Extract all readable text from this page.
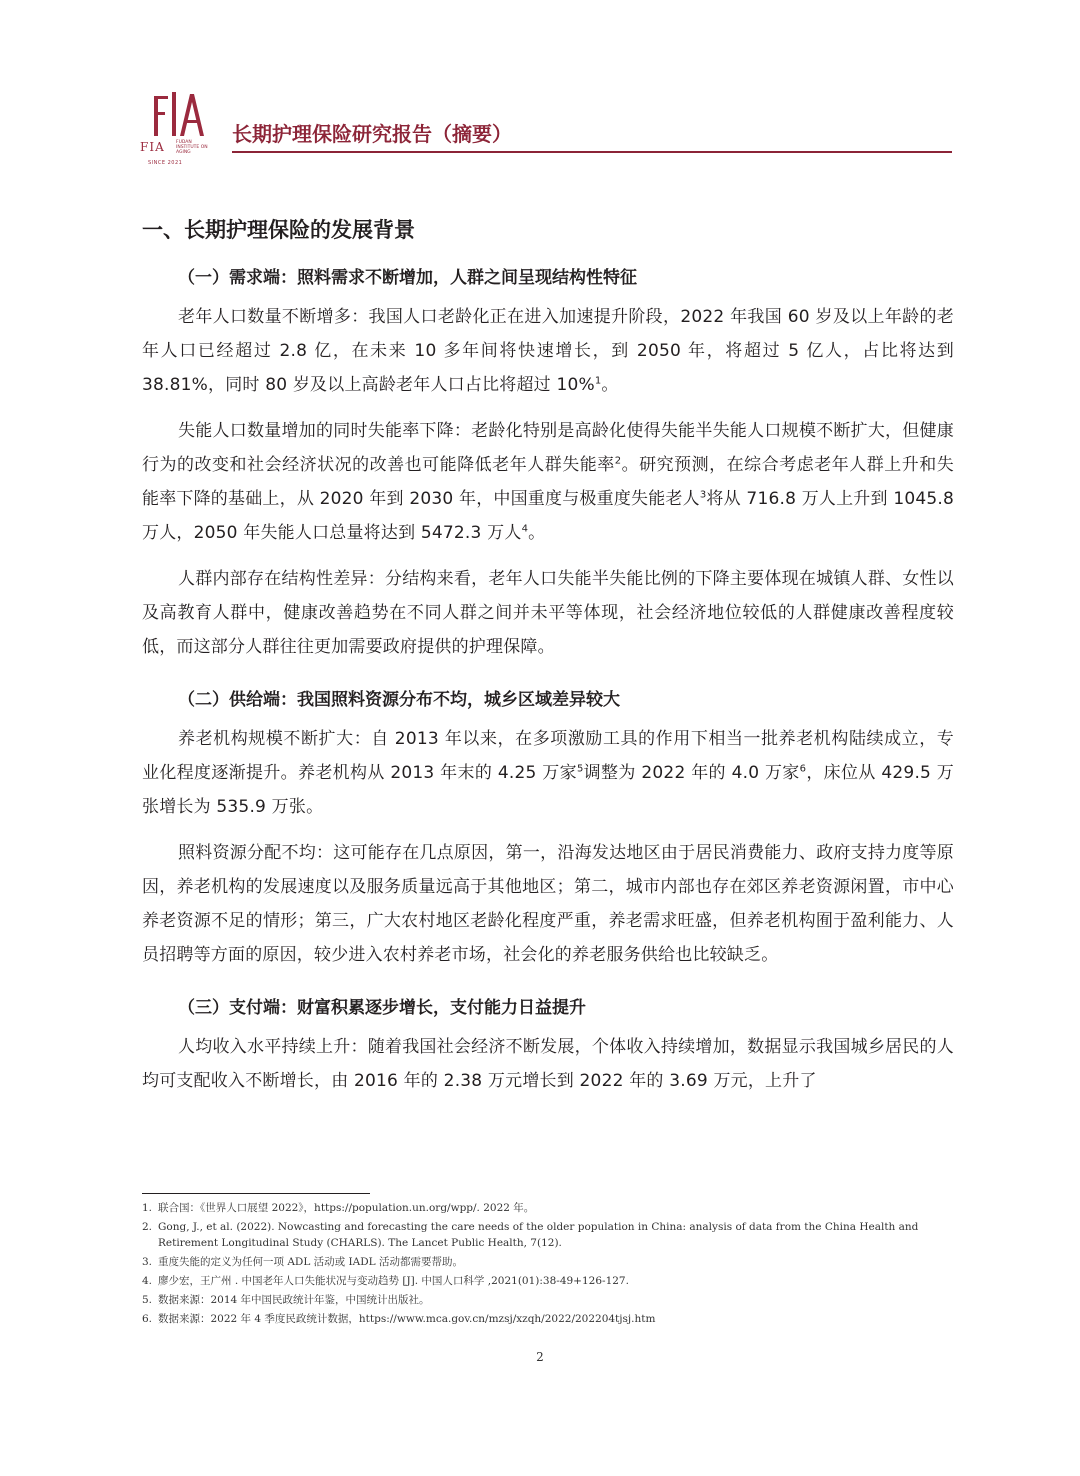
FIA	FUDAN INSTITUTE ON AGING
SINCE 2021
长期护理保险研究报告（摘要）
一、长期护理保险的发展背景
（一）需求端：照料需求不断增加，人群之间呈现结构性特征
老年人口数量不断增多：我国人口老龄化正在进入加速提升阶段，2022 年我国 60 岁及以上年龄的老年人口已经超过 2.8 亿，在未来 10 多年间将快速增长，到 2050 年，将超过 5 亿人，占比将达到 38.81%，同时 80 岁及以上高龄老年人口占比将超过 10%$^1$。
失能人口数量增加的同时失能率下降：老龄化特别是高龄化使得失能半失能人口规模不断扩大，但健康行为的改变和社会经济状况的改善也可能降低老年人群失能率$^2$。研究预测，在综合考虑老年人群上升和失能率下降的基础上，从 2020 年到 2030 年，中国重度与极重度失能老人$^3$将从 716.8 万人上升到 1045.8 万人，2050 年失能人口总量将达到 5472.3 万人$^4$。
人群内部存在结构性差异：分结构来看，老年人口失能半失能比例的下降主要体现在城镇人群、女性以及高教育人群中，健康改善趋势在不同人群之间并未平等体现，社会经济地位较低的人群健康改善程度较低，而这部分人群往往更加需要政府提供的护理保障。
（二）供给端：我国照料资源分布不均，城乡区域差异较大
养老机构规模不断扩大：自 2013 年以来，在多项激励工具的作用下相当一批养老机构陆续成立，专业化程度逐渐提升。养老机构从 2013 年末的 4.25 万家$^5$调整为 2022 年的 4.0 万家$^6$，床位从 429.5 万张增长为 535.9 万张。
照料资源分配不均：这可能存在几点原因，第一，沿海发达地区由于居民消费能力、政府支持力度等原因，养老机构的发展速度以及服务质量远高于其他地区；第二，城市内部也存在郊区养老资源闲置，市中心养老资源不足的情形；第三，广大农村地区老龄化程度严重，养老需求旺盛，但养老机构囿于盈利能力、人员招聘等方面的原因，较少进入农村养老市场，社会化的养老服务供给也比较缺乏。
（三）支付端：财富积累逐步增长，支付能力日益提升
人均收入水平持续上升：随着我国社会经济不断发展，个体收入持续增加，数据显示我国城乡居民的人均可支配收入不断增长，由 2016 年的 2.38 万元增长到 2022 年的 3.69 万元，上升了
1. 联合国：《世界人口展望 2022》，https://population.un.org/wpp/. 2022 年。
2. Gong, J., et al. (2022). Nowcasting and forecasting the care needs of the older population in China: analysis of data from the China Health and Retirement Longitudinal Study (CHARLS). The Lancet Public Health, 7(12).
3. 重度失能的定义为任何一项 ADL 活动或 IADL 活动都需要帮助。
4. 廖少宏，王广州 . 中国老年人口失能状况与变动趋势 [J]. 中国人口科学 ,2021(01):38-49+126-127.
5. 数据来源：2014 年中国民政统计年鉴，中国统计出版社。
6. 数据来源：2022 年 4 季度民政统计数据，https://www.mca.gov.cn/mzsj/xzqh/2022/202204tjsj.htm
2
